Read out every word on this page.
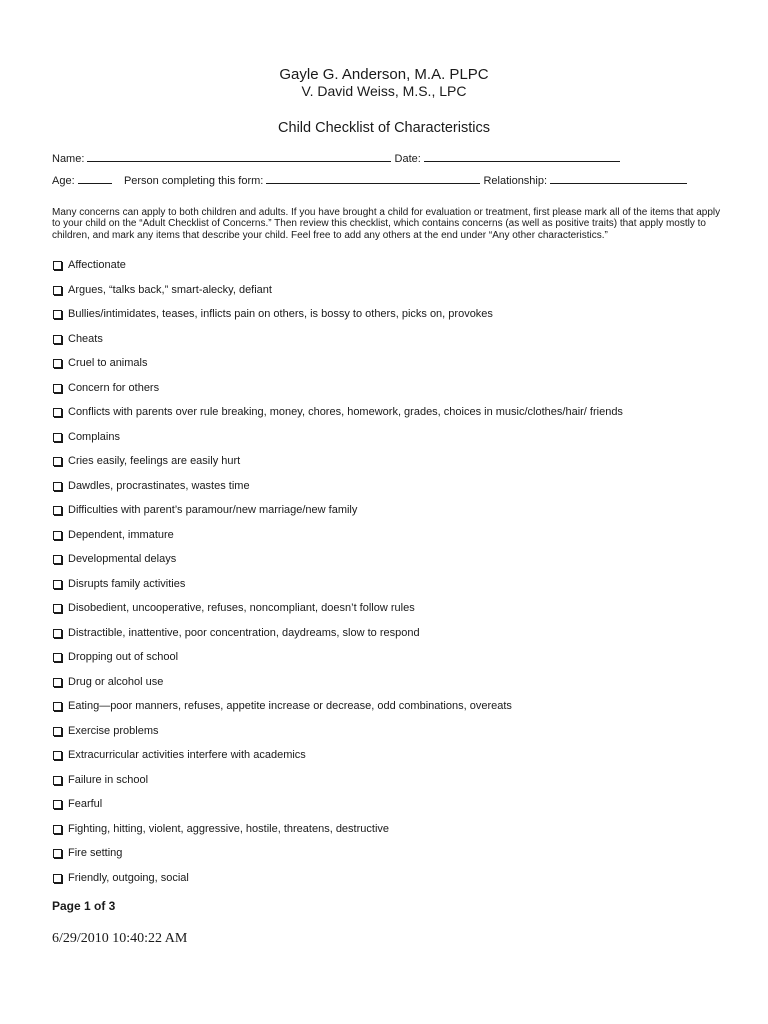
Gayle G. Anderson, M.A. PLPC
V. David Weiss, M.S., LPC
Child Checklist of Characteristics
Name:	Date:
Age:	Person completing this form:	Relationship:
Many concerns can apply to both children and adults. If you have brought a child for evaluation or treatment, first please mark all of the items that apply to your child on the “Adult Checklist of Concerns.” Then review this checklist, which contains concerns (as well as positive traits) that apply mostly to children, and mark any items that describe your child. Feel free to add any others at the end under “Any other characteristics.”
Affectionate
Argues, “talks back,” smart-alecky, defiant
Bullies/intimidates, teases, inflicts pain on others, is bossy to others, picks on, provokes
Cheats
Cruel to animals
Concern for others
Conflicts with parents over rule breaking, money, chores, homework, grades, choices in music/clothes/hair/ friends
Complains
Cries easily, feelings are easily hurt
Dawdles, procrastinates, wastes time
Difficulties with parent’s paramour/new marriage/new family
Dependent, immature
Developmental delays
Disrupts family activities
Disobedient, uncooperative, refuses, noncompliant, doesn’t follow rules
Distractible, inattentive, poor concentration, daydreams, slow to respond
Dropping out of school
Drug or alcohol use
Eating—poor manners, refuses, appetite increase or decrease, odd combinations, overeats
Exercise problems
Extracurricular activities interfere with academics
Failure in school
Fearful
Fighting, hitting, violent, aggressive, hostile, threatens, destructive
Fire setting
Friendly, outgoing, social
Page 1 of 3
6/29/2010 10:40:22 AM
